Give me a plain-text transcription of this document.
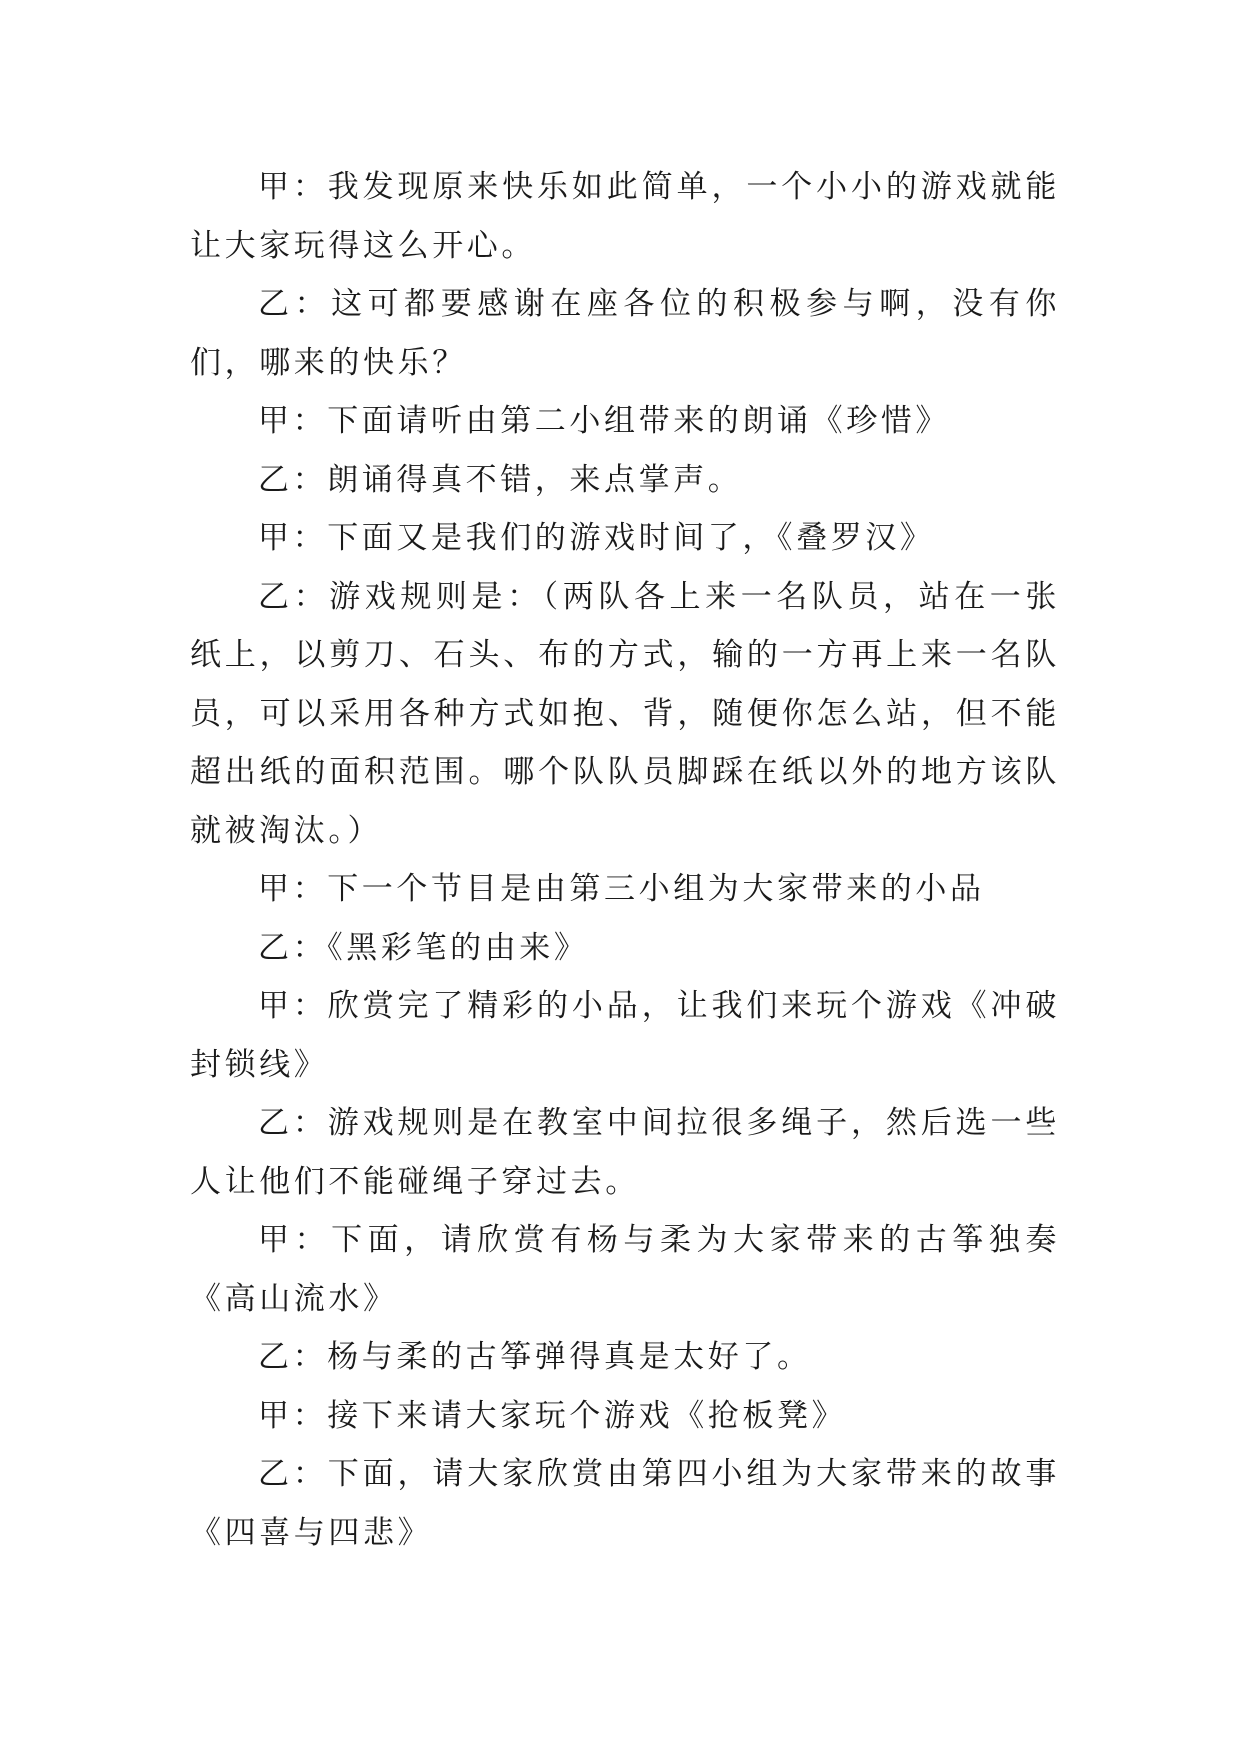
甲：我发现原来快乐如此简单，一个小小的游戏就能让大家玩得这么开心。

乙：这可都要感谢在座各位的积极参与啊，没有你们，哪来的快乐？

甲：下面请听由第二小组带来的朗诵《珍惜》

乙：朗诵得真不错，来点掌声。

甲：下面又是我们的游戏时间了，《叠罗汉》

乙：游戏规则是：（两队各上来一名队员，站在一张纸上，以剪刀、石头、布的方式，输的一方再上来一名队员，可以采用各种方式如抱、背，随便你怎么站，但不能超出纸的面积范围。哪个队队员脚踩在纸以外的地方该队就被淘汰。）

甲：下一个节目是由第三小组为大家带来的小品

乙：《黑彩笔的由来》

甲：欣赏完了精彩的小品，让我们来玩个游戏《冲破封锁线》

乙：游戏规则是在教室中间拉很多绳子，然后选一些人让他们不能碰绳子穿过去。

甲：下面，请欣赏有杨与柔为大家带来的古筝独奏《高山流水》

乙：杨与柔的古筝弹得真是太好了。

甲：接下来请大家玩个游戏《抢板凳》

乙：下面，请大家欣赏由第四小组为大家带来的故事《四喜与四悲》
